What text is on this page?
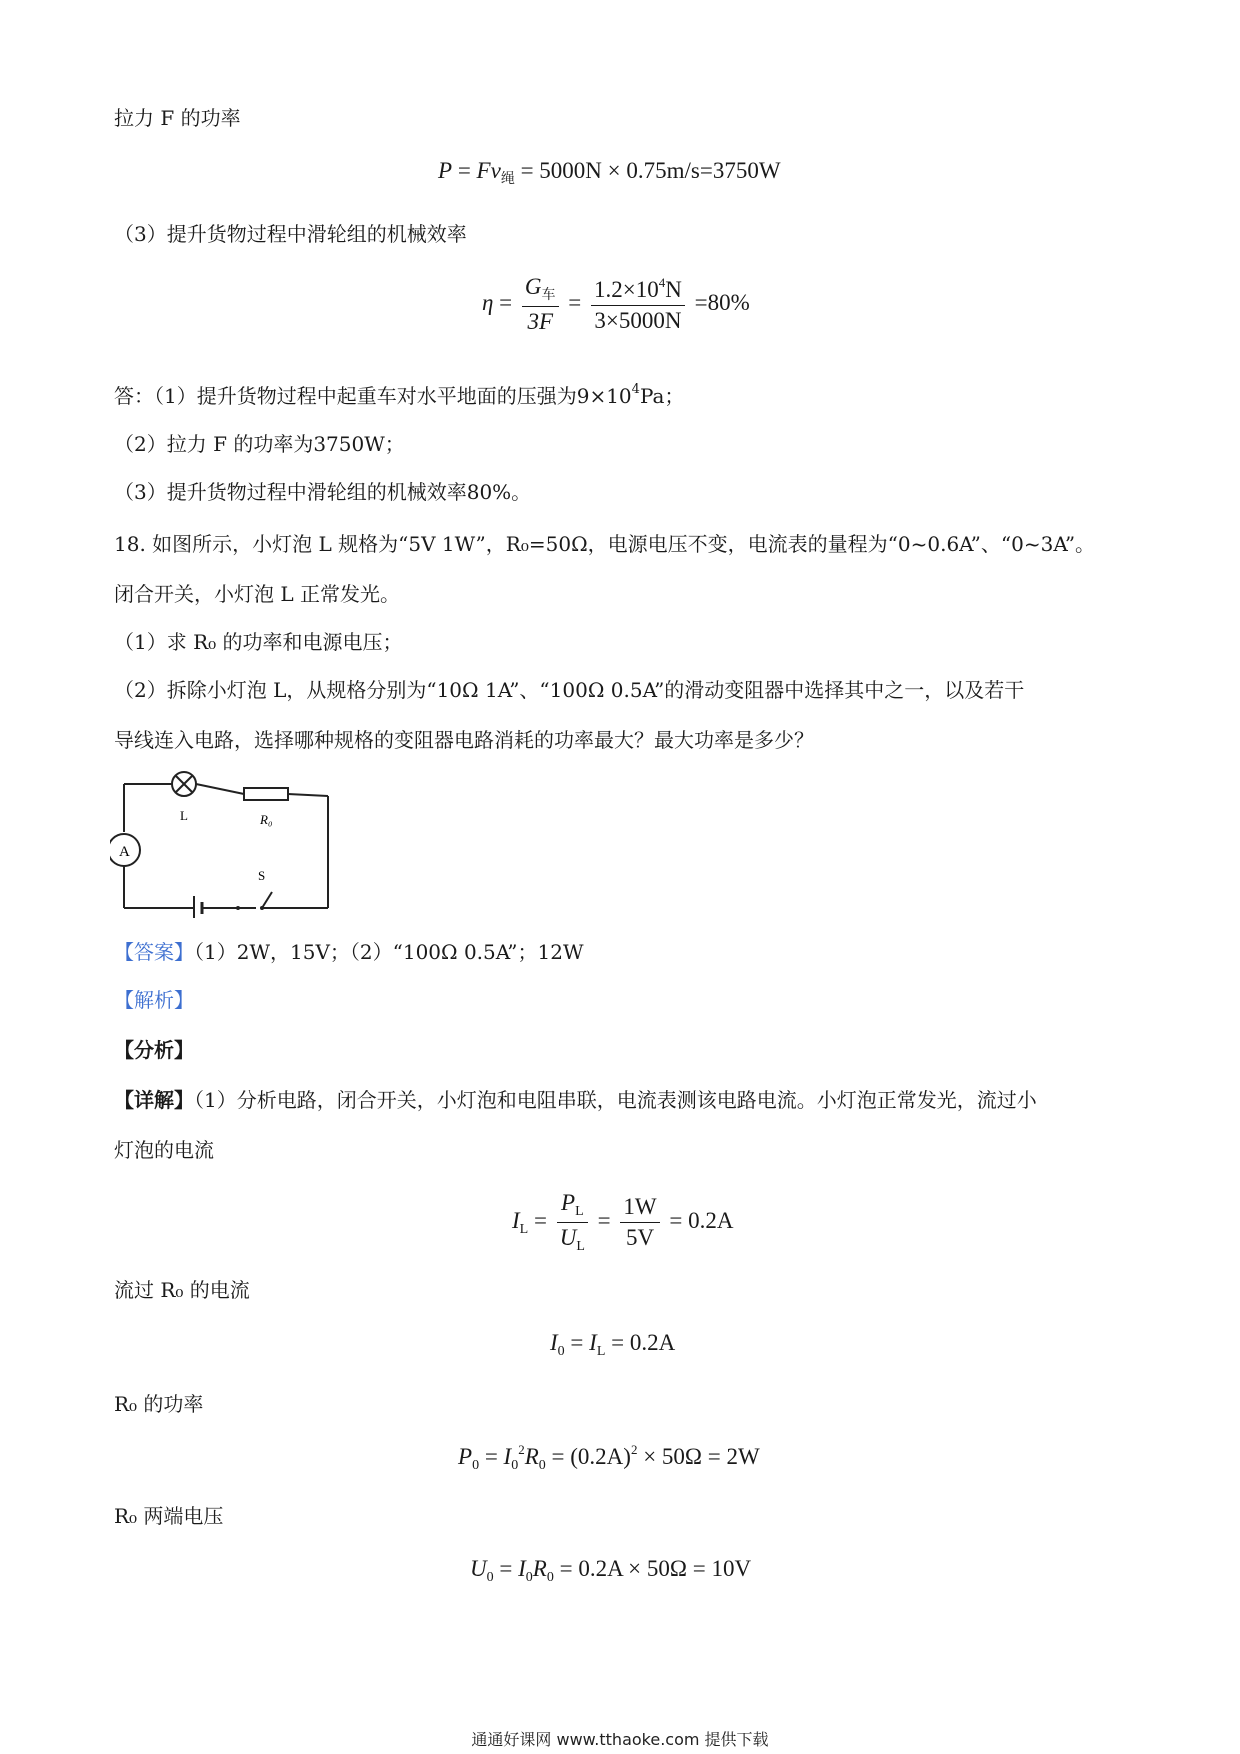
拉力 F 的功率
$P = Fv_绳 = 5000N \times 0.75m/s=3750W$
（3）提升货物过程中滑轮组的机械效率
$\eta = \frac{G_车}{3F} = \frac{1.2\times 10^4N}{3\times 5000N} =80\%$
答：（1）提升货物过程中起重车对水平地面的压强为$9\times 10^4Pa$；
（2）拉力 F 的功率为3750W；
（3）提升货物过程中滑轮组的机械效率80%。
18. 如图所示，小灯泡 L 规格为“5V 1W”，R₀=50Ω，电源电压不变，电流表的量程为“0~0.6A”、“0~3A”。
闭合开关，小灯泡 L 正常发光。
（1）求 R₀ 的功率和电源电压；
（2）拆除小灯泡 L，从规格分别为“10Ω 1A”、“100Ω 0.5A”的滑动变阻器中选择其中之一，以及若干
导线连入电路，选择哪种规格的变阻器电路消耗的功率最大？最大功率是多少？
A
L	R₀
S
【答案】（1）2W，15V；（2）“100Ω 0.5A”；12W
【解析】
【分析】
【详解】（1）分析电路，闭合开关，小灯泡和电阻串联，电流表测该电路电流。小灯泡正常发光，流过小
灯泡的电流
$I_L = \frac{P_L}{U_L} = \frac{1W}{5V} = 0.2A$
流过 R₀ 的电流
$I_0 = I_L = 0.2A$
R₀ 的功率
$P_0 = I_0^2R_0 = (0.2A)^2 \times 50\Omega = 2W$
R₀ 两端电压
$U_0 = I_0R_0 = 0.2A \times 50\Omega = 10V$
通通好课网 www.tthaoke.com 提供下载
